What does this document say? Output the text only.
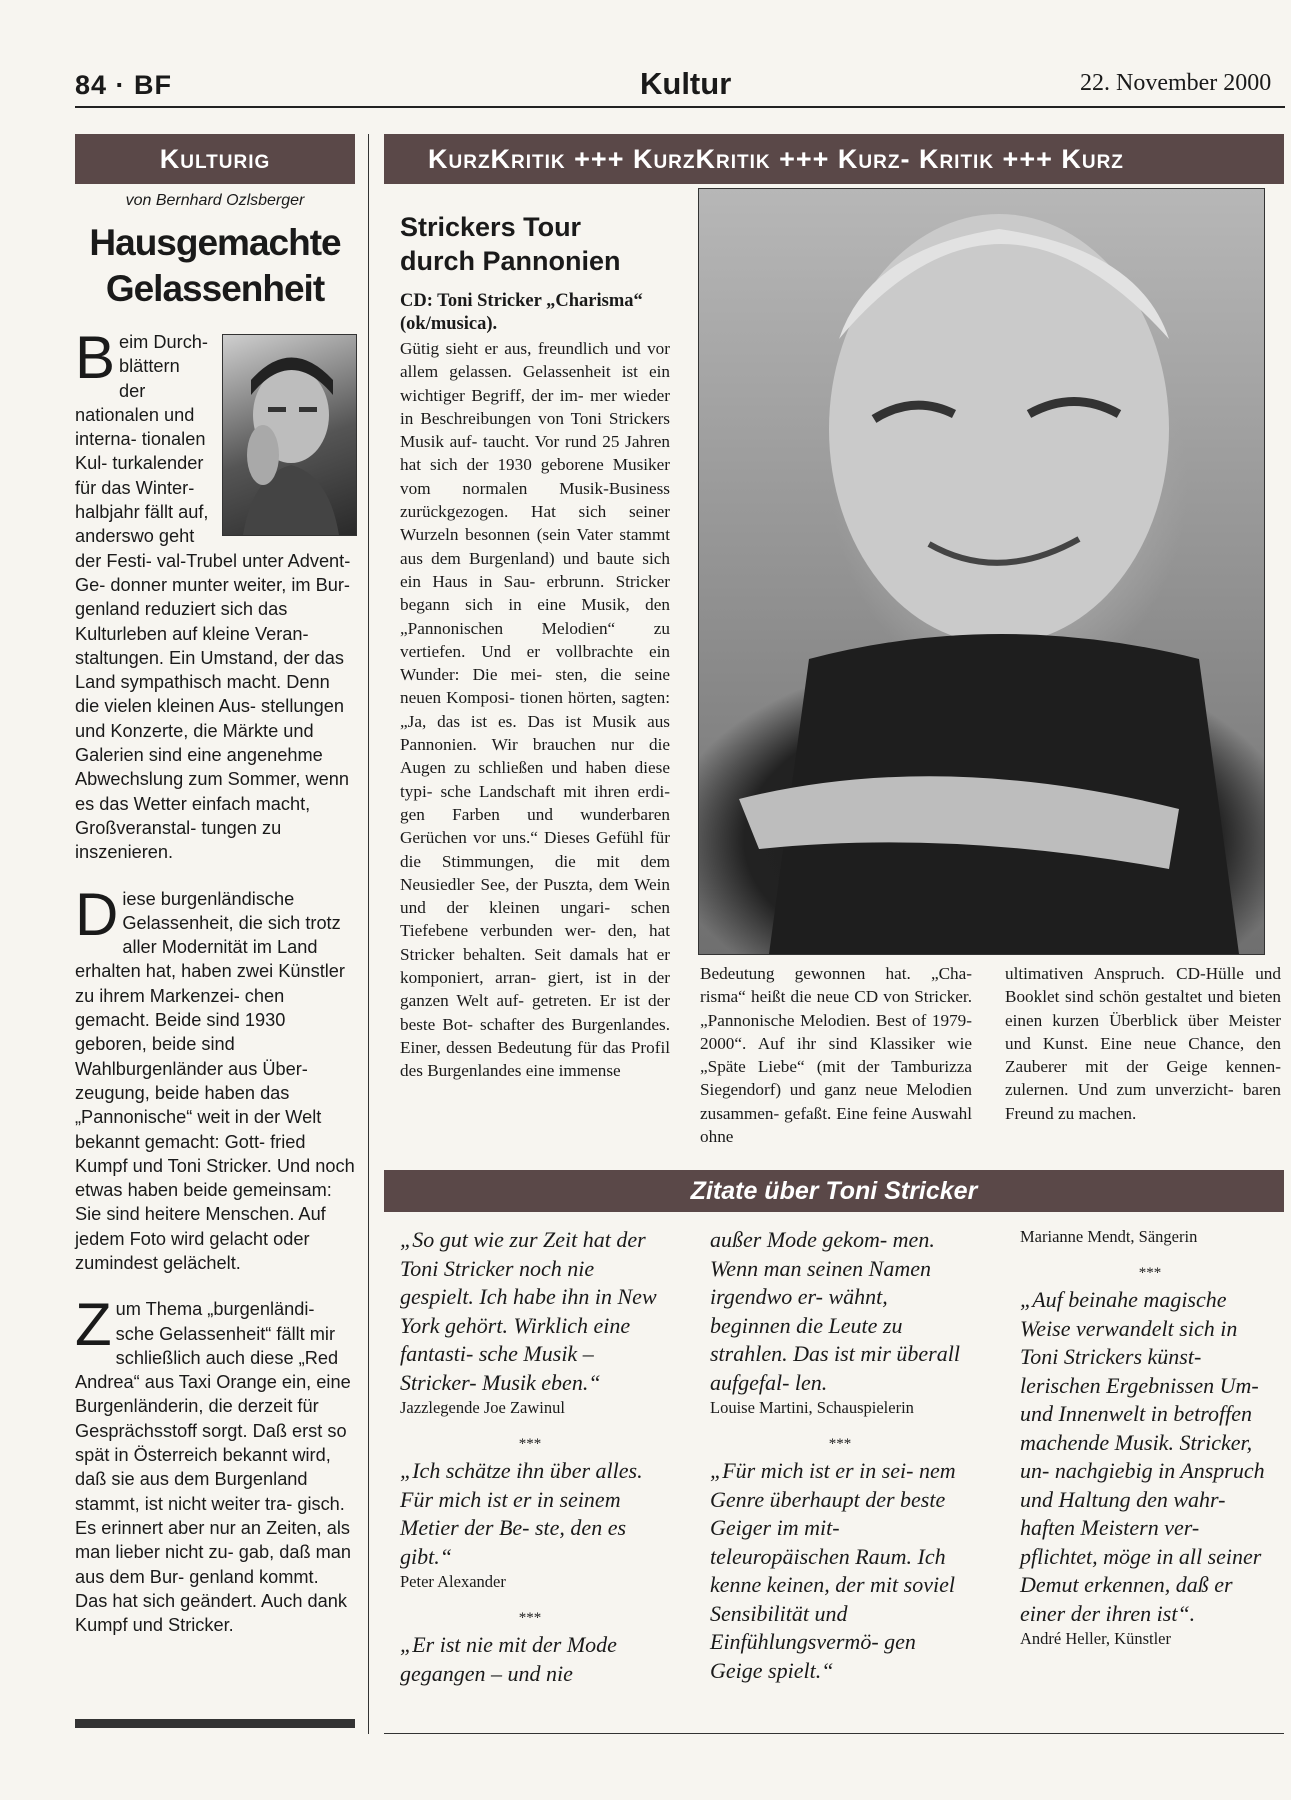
84 · BF	Kultur	22. November 2000
Kulturig
von Bernhard Ozlsberger
Hausgemachte Gelassenheit
Beim Durch- blättern der nationalen und interna- tionalen Kul- turkalender für das Winter- halbjahr fällt auf, anderswo geht der Festi- val-Trubel unter Advent-Ge- donner munter weiter, im Bur- genland reduziert sich das Kulturleben auf kleine Veran- staltungen. Ein Umstand, der das Land sympathisch macht. Denn die vielen kleinen Aus- stellungen und Konzerte, die Märkte und Galerien sind eine angenehme Abwechslung zum Sommer, wenn es das Wetter einfach macht, Großveranstal- tungen zu inszenieren.
Diese burgenländische Gelassenheit, die sich trotz aller Modernität im Land erhalten hat, haben zwei Künstler zu ihrem Markenzei- chen gemacht. Beide sind 1930 geboren, beide sind Wahlburgenländer aus Über- zeugung, beide haben das „Pannonische“ weit in der Welt bekannt gemacht: Gott- fried Kumpf und Toni Stricker. Und noch etwas haben beide gemeinsam: Sie sind heitere Menschen. Auf jedem Foto wird gelacht oder zumindest gelächelt.
Zum Thema „burgenländi- sche Gelassenheit“ fällt mir schließlich auch diese „Red Andrea“ aus Taxi Orange ein, eine Burgenländerin, die derzeit für Gesprächsstoff sorgt. Daß erst so spät in Österreich bekannt wird, daß sie aus dem Burgenland stammt, ist nicht weiter tra- gisch. Es erinnert aber nur an Zeiten, als man lieber nicht zu- gab, daß man aus dem Bur- genland kommt. Das hat sich geändert. Auch dank Kumpf und Stricker.
KurzKritik +++ KurzKritik +++ Kurz- Kritik +++ Kurz
Strickers Tour
durch Pannonien
CD: Toni Stricker „Charisma“ (ok/musica).
Gütig sieht er aus, freundlich und vor allem gelassen. Gelassenheit ist ein wichtiger Begriff, der im- mer wieder in Beschreibungen von Toni Strickers Musik auf- taucht. Vor rund 25 Jahren hat sich der 1930 geborene Musiker vom normalen Musik-Business zurückgezogen. Hat sich seiner Wurzeln besonnen (sein Vater stammt aus dem Burgenland) und baute sich ein Haus in Sau- erbrunn. Stricker begann sich in eine Musik, den „Pannonischen Melodien“ zu vertiefen. Und er vollbrachte ein Wunder: Die mei- sten, die seine neuen Komposi- tionen hörten, sagten: „Ja, das ist es. Das ist Musik aus Pannonien. Wir brauchen nur die Augen zu schließen und haben diese typi- sche Landschaft mit ihren erdi- gen Farben und wunderbaren Gerüchen vor uns.“ Dieses Gefühl für die Stimmungen, die mit dem Neusiedler See, der Puszta, dem Wein und der kleinen ungari- schen Tiefebene verbunden wer- den, hat Stricker behalten. Seit damals hat er komponiert, arran- giert, ist in der ganzen Welt auf- getreten. Er ist der beste Bot- schafter des Burgenlandes. Einer, dessen Bedeutung für das Profil des Burgenlandes eine immense
Bedeutung gewonnen hat. „Cha- risma“ heißt die neue CD von Stricker. „Pannonische Melodien. Best of 1979-2000“. Auf ihr sind Klassiker wie „Späte Liebe“ (mit der Tamburizza Siegendorf) und ganz neue Melodien zusammen- gefaßt. Eine feine Auswahl ohne
ultimativen Anspruch. CD-Hülle und Booklet sind schön gestaltet und bieten einen kurzen Überblick über Meister und Kunst. Eine neue Chance, den Zauberer mit der Geige kennen- zulernen. Und zum unverzicht- baren Freund zu machen.
Zitate über Toni Stricker
„So gut wie zur Zeit hat der Toni Stricker noch nie gespielt. Ich habe ihn in New York gehört. Wirklich eine fantasti- sche Musik – Stricker- Musik eben.“
Jazzlegende Joe Zawinul
***
„Ich schätze ihn über alles. Für mich ist er in seinem Metier der Be- ste, den es gibt.“
Peter Alexander
***
„Er ist nie mit der Mode gegangen – und nie
außer Mode gekom- men. Wenn man seinen Namen irgendwo er- wähnt, beginnen die Leute zu strahlen. Das ist mir überall aufgefal- len.
Louise Martini, Schauspielerin
***
„Für mich ist er in sei- nem Genre überhaupt der beste Geiger im mit- teleuropäischen Raum. Ich kenne keinen, der mit soviel Sensibilität und Einfühlungsvermö- gen Geige spielt.“
Marianne Mendt, Sängerin
***
„Auf beinahe magische Weise verwandelt sich in Toni Strickers künst- lerischen Ergebnissen Um- und Innenwelt in betroffen machende Musik. Stricker, un- nachgiebig in Anspruch und Haltung den wahr- haften Meistern ver- pflichtet, möge in all seiner Demut erkennen, daß er einer der ihren ist“.
André Heller, Künstler
